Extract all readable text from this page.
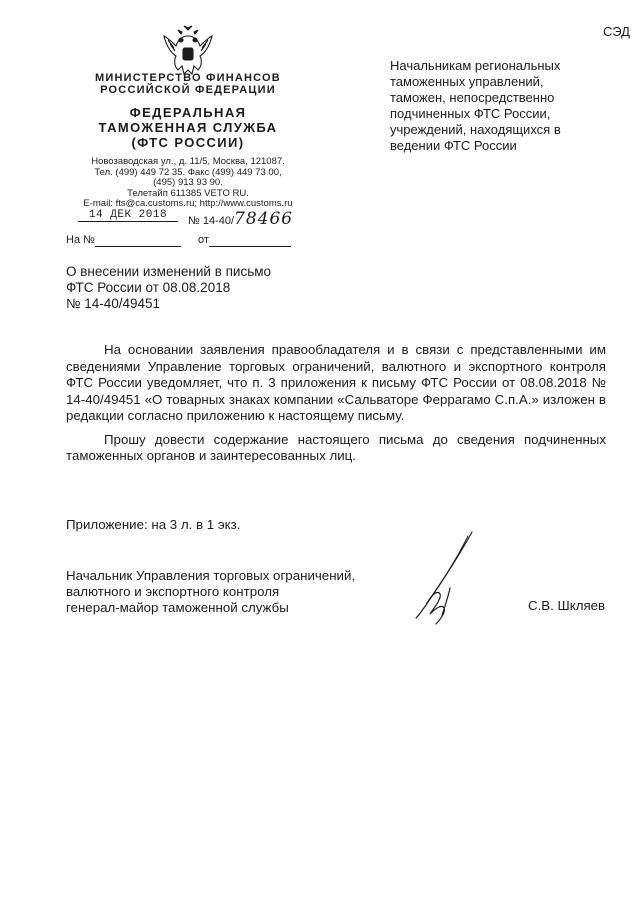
СЭД
МИНИСТЕРСТВО ФИНАНСОВ
РОССИЙСКОЙ ФЕДЕРАЦИИ
ФЕДЕРАЛЬНАЯ
ТАМОЖЕННАЯ СЛУЖБА
(ФТС РОССИИ)
Новозаводская ул., д. 11/5, Москва, 121087.
Тел. (499) 449 72 35. Факс (499) 449 73 00,
(495) 913 93 90.
Телетайп 611385 VETO RU.
E-mail: fts@ca.customs.ru; http://www.customs.ru
14 ДЕК 2018	№ 14-40/78466
На №	от
Начальникам региональных
таможенных управлений,
таможен, непосредственно
подчиненных ФТС России,
учреждений, находящихся в
ведении ФТС России
О внесении изменений в письмо
ФТС России от 08.08.2018
№ 14-40/49451

На основании заявления правообладателя и в связи с представленными им сведениями Управление торговых ограничений, валютного и экспортного контроля ФТС России уведомляет, что п. 3 приложения к письму ФТС России от 08.08.2018 № 14-40/49451 «О товарных знаках компании «Сальваторе Феррагамо С.п.А.» изложен в редакции согласно приложению к настоящему письму.

Прошу довести содержание настоящего письма до сведения подчиненных таможенных органов и заинтересованных лиц.

Приложение: на 3 л. в 1 экз.
Начальник Управления торговых ограничений,
валютного и экспортного контроля
генерал-майор таможенной службы	С.В. Шкляев
